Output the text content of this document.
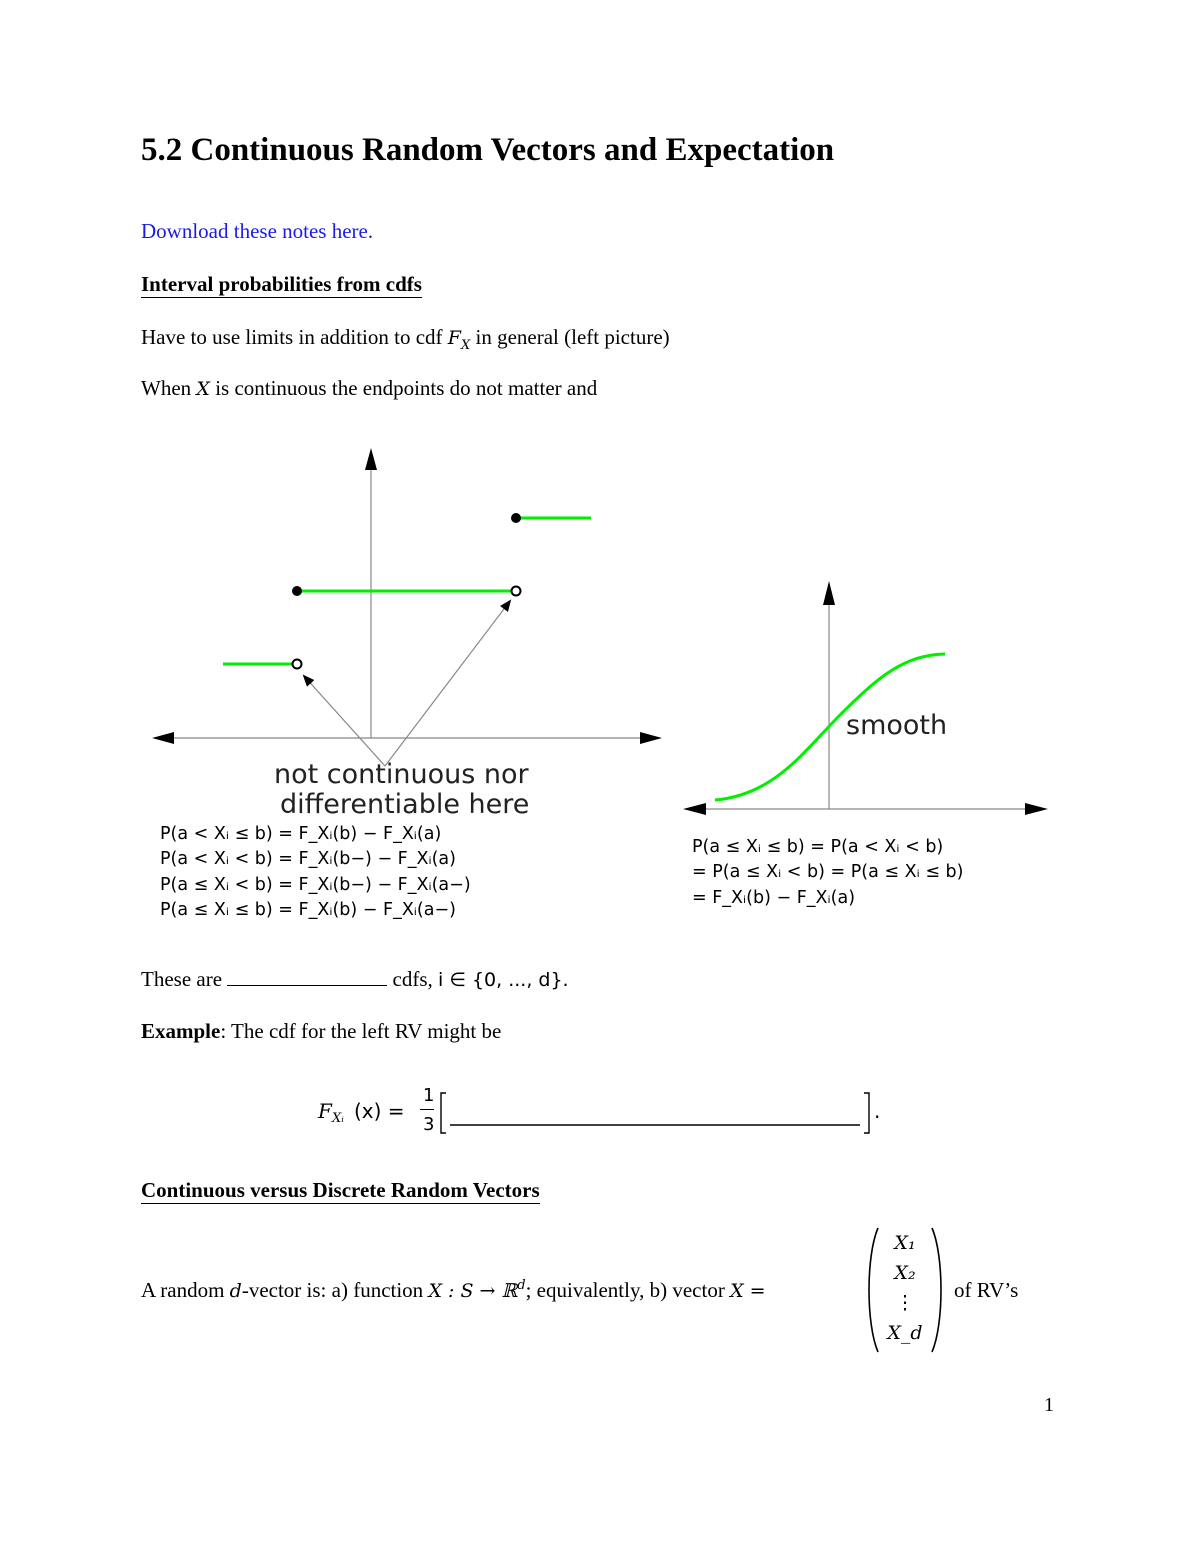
5.2 Continuous Random Vectors and Expectation
Download these notes here.
Interval probabilities from cdfs
Have to use limits in addition to cdf $F_X$ in general (left picture)
When X is continuous the endpoints do not matter and
not continuous nor
differentiable here
P(a < Xᵢ ≤ b) = F_Xᵢ(b) − F_Xᵢ(a)
P(a < Xᵢ < b) = F_Xᵢ(b−) − F_Xᵢ(a)
P(a ≤ Xᵢ < b) = F_Xᵢ(b−) − F_Xᵢ(a−)
P(a ≤ Xᵢ ≤ b) = F_Xᵢ(b) − F_Xᵢ(a−)
smooth
P(a ≤ Xᵢ ≤ b) = P(a < Xᵢ < b)
= P(a ≤ Xᵢ < b) = P(a ≤ Xᵢ ≤ b)
= F_Xᵢ(b) − F_Xᵢ(a)
These are	cdfs, i ∈ {0, ..., d}.
Example: The cdf for the left RV might be
F Xᵢ (x) =
1
3
.
Continuous versus Discrete Random Vectors
A random d-vector is: a) function X : S → ℝ$^d$; equivalently, b) vector X =
X₁
X₂
⋮
X_d
of RV’s
1
